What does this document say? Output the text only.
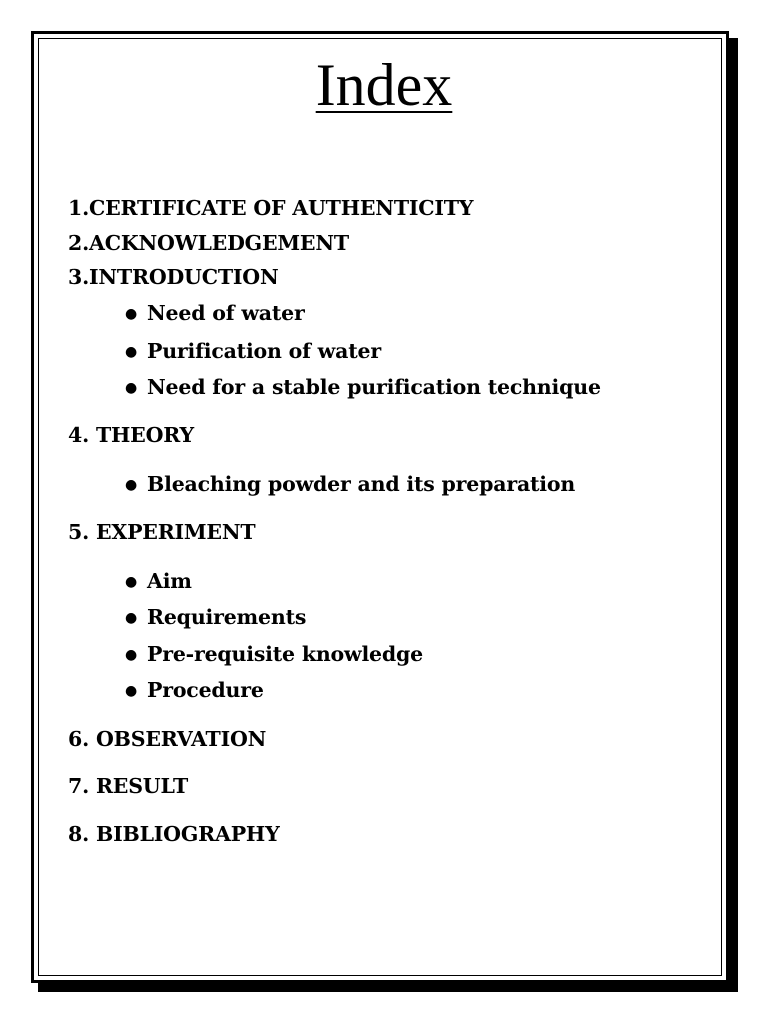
Index

1.CERTIFICATE OF AUTHENTICITY

2.ACKNOWLEDGEMENT

3.INTRODUCTION

● Need of water

● Purification of water

● Need for a stable purification technique

4. THEORY

● Bleaching powder and its preparation

5. EXPERIMENT

● Aim

● Requirements

● Pre-requisite knowledge

● Procedure

6. OBSERVATION

7. RESULT

8. BIBLIOGRAPHY
